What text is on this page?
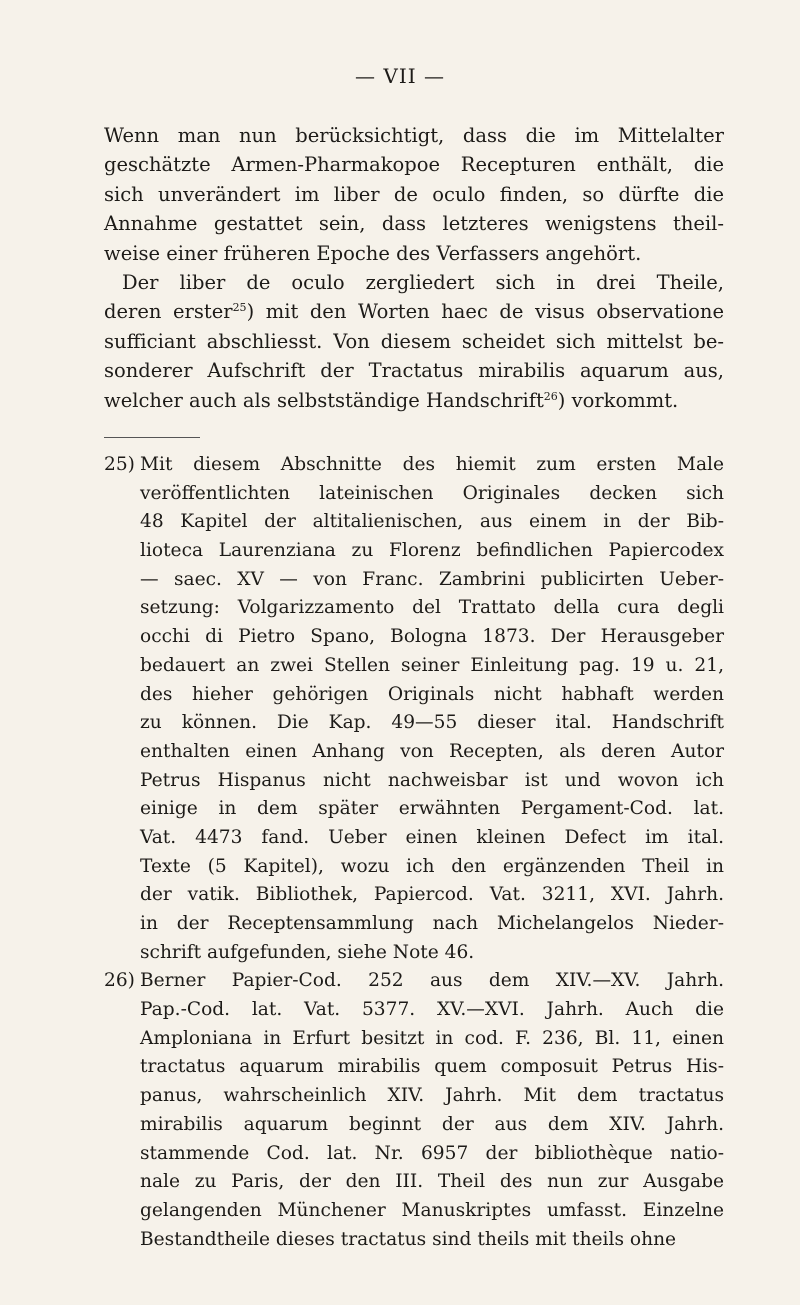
— VII —
Wenn man nun berücksichtigt, dass die im Mittelalter
geschätzte Armen-Pharmakopoe Recepturen enthält, die
sich unverändert im liber de oculo finden, so dürfte die
Annahme gestattet sein, dass letzteres wenigstens theil-
weise einer früheren Epoche des Verfassers angehört.
Der liber de oculo zergliedert sich in drei Theile,
deren erster$^{25}$) mit den Worten haec de visus observatione
sufficiant abschliesst. Von diesem scheidet sich mittelst be-
sonderer Aufschrift der Tractatus mirabilis aquarum aus,
welcher auch als selbstständige Handschrift$^{26}$) vorkommt.
25) Mit diesem Abschnitte des hiemit zum ersten Male
veröffentlichten lateinischen Originales decken sich
48 Kapitel der altitalienischen, aus einem in der Bib-
lioteca Laurenziana zu Florenz befindlichen Papiercodex
— saec. XV — von Franc. Zambrini publicirten Ueber-
setzung: Volgarizzamento del Trattato della cura degli
occhi di Pietro Spano, Bologna 1873. Der Herausgeber
bedauert an zwei Stellen seiner Einleitung pag. 19 u. 21,
des hieher gehörigen Originals nicht habhaft werden
zu können. Die Kap. 49—55 dieser ital. Handschrift
enthalten einen Anhang von Recepten, als deren Autor
Petrus Hispanus nicht nachweisbar ist und wovon ich
einige in dem später erwähnten Pergament-Cod. lat.
Vat. 4473 fand. Ueber einen kleinen Defect im ital.
Texte (5 Kapitel), wozu ich den ergänzenden Theil in
der vatik. Bibliothek, Papiercod. Vat. 3211, XVI. Jahrh.
in der Receptensammlung nach Michelangelos Nieder-
schrift aufgefunden, siehe Note 46.
26) Berner Papier-Cod. 252 aus dem XIV.—XV. Jahrh.
Pap.-Cod. lat. Vat. 5377. XV.—XVI. Jahrh. Auch die
Amploniana in Erfurt besitzt in cod. F. 236, Bl. 11, einen
tractatus aquarum mirabilis quem composuit Petrus His-
panus, wahrscheinlich XIV. Jahrh. Mit dem tractatus
mirabilis aquarum beginnt der aus dem XIV. Jahrh.
stammende Cod. lat. Nr. 6957 der bibliothèque natio-
nale zu Paris, der den III. Theil des nun zur Ausgabe
gelangenden Münchener Manuskriptes umfasst. Einzelne
Bestandtheile dieses tractatus sind theils mit theils ohne
